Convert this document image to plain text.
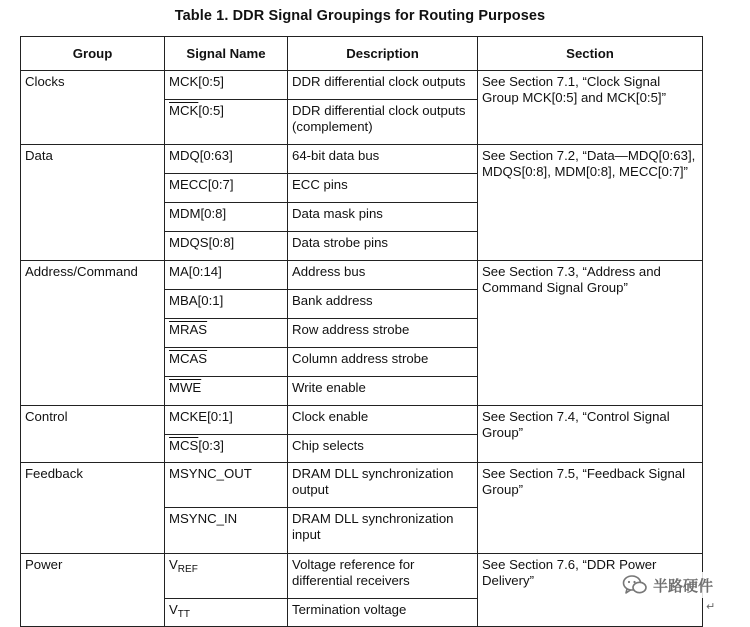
Table 1. DDR Signal Groupings for Routing Purposes
Group	Signal Name	Description	Section

Clocks	MCK[0:5]	DDR differential clock outputs	See Section 7.1, “Clock Signal Group MCK[0:5] and MCK[0:5]”

	$\overline{MCK}[0:5]$	DDR differential clock outputs (complement)	

Data	MDQ[0:63]	64-bit data bus	See Section 7.2, “Data—MDQ[0:63], MDQS[0:8], MDM[0:8], MECC[0:7]”

	MECC[0:7]	ECC pins	

	MDM[0:8]	Data mask pins	

	MDQS[0:8]	Data strobe pins	

Address/Command	MA[0:14]	Address bus	See Section 7.3, “Address and Command Signal Group”

	MBA[0:1]	Bank address	

	MRAS	Row address strobe	

	MCAS	Column address strobe	

	$\overline{MWE}$	Write enable	

Control	MCKE[0:1]	Clock enable	See Section 7.4, “Control Signal Group”

	$\overline{MCS}[0:3]$	Chip selects	

Feedback	MSYNC_OUT	DRAM DLL synchronization output	See Section 7.5, “Feedback Signal Group”

	MSYNC_IN	DRAM DLL synchronization input	

Power	$V_{REF}$	Voltage reference for differential receivers	See Section 7.6, “DDR Power Delivery”

	$V_{TT}$	Termination voltage	
半路硬件
↵
